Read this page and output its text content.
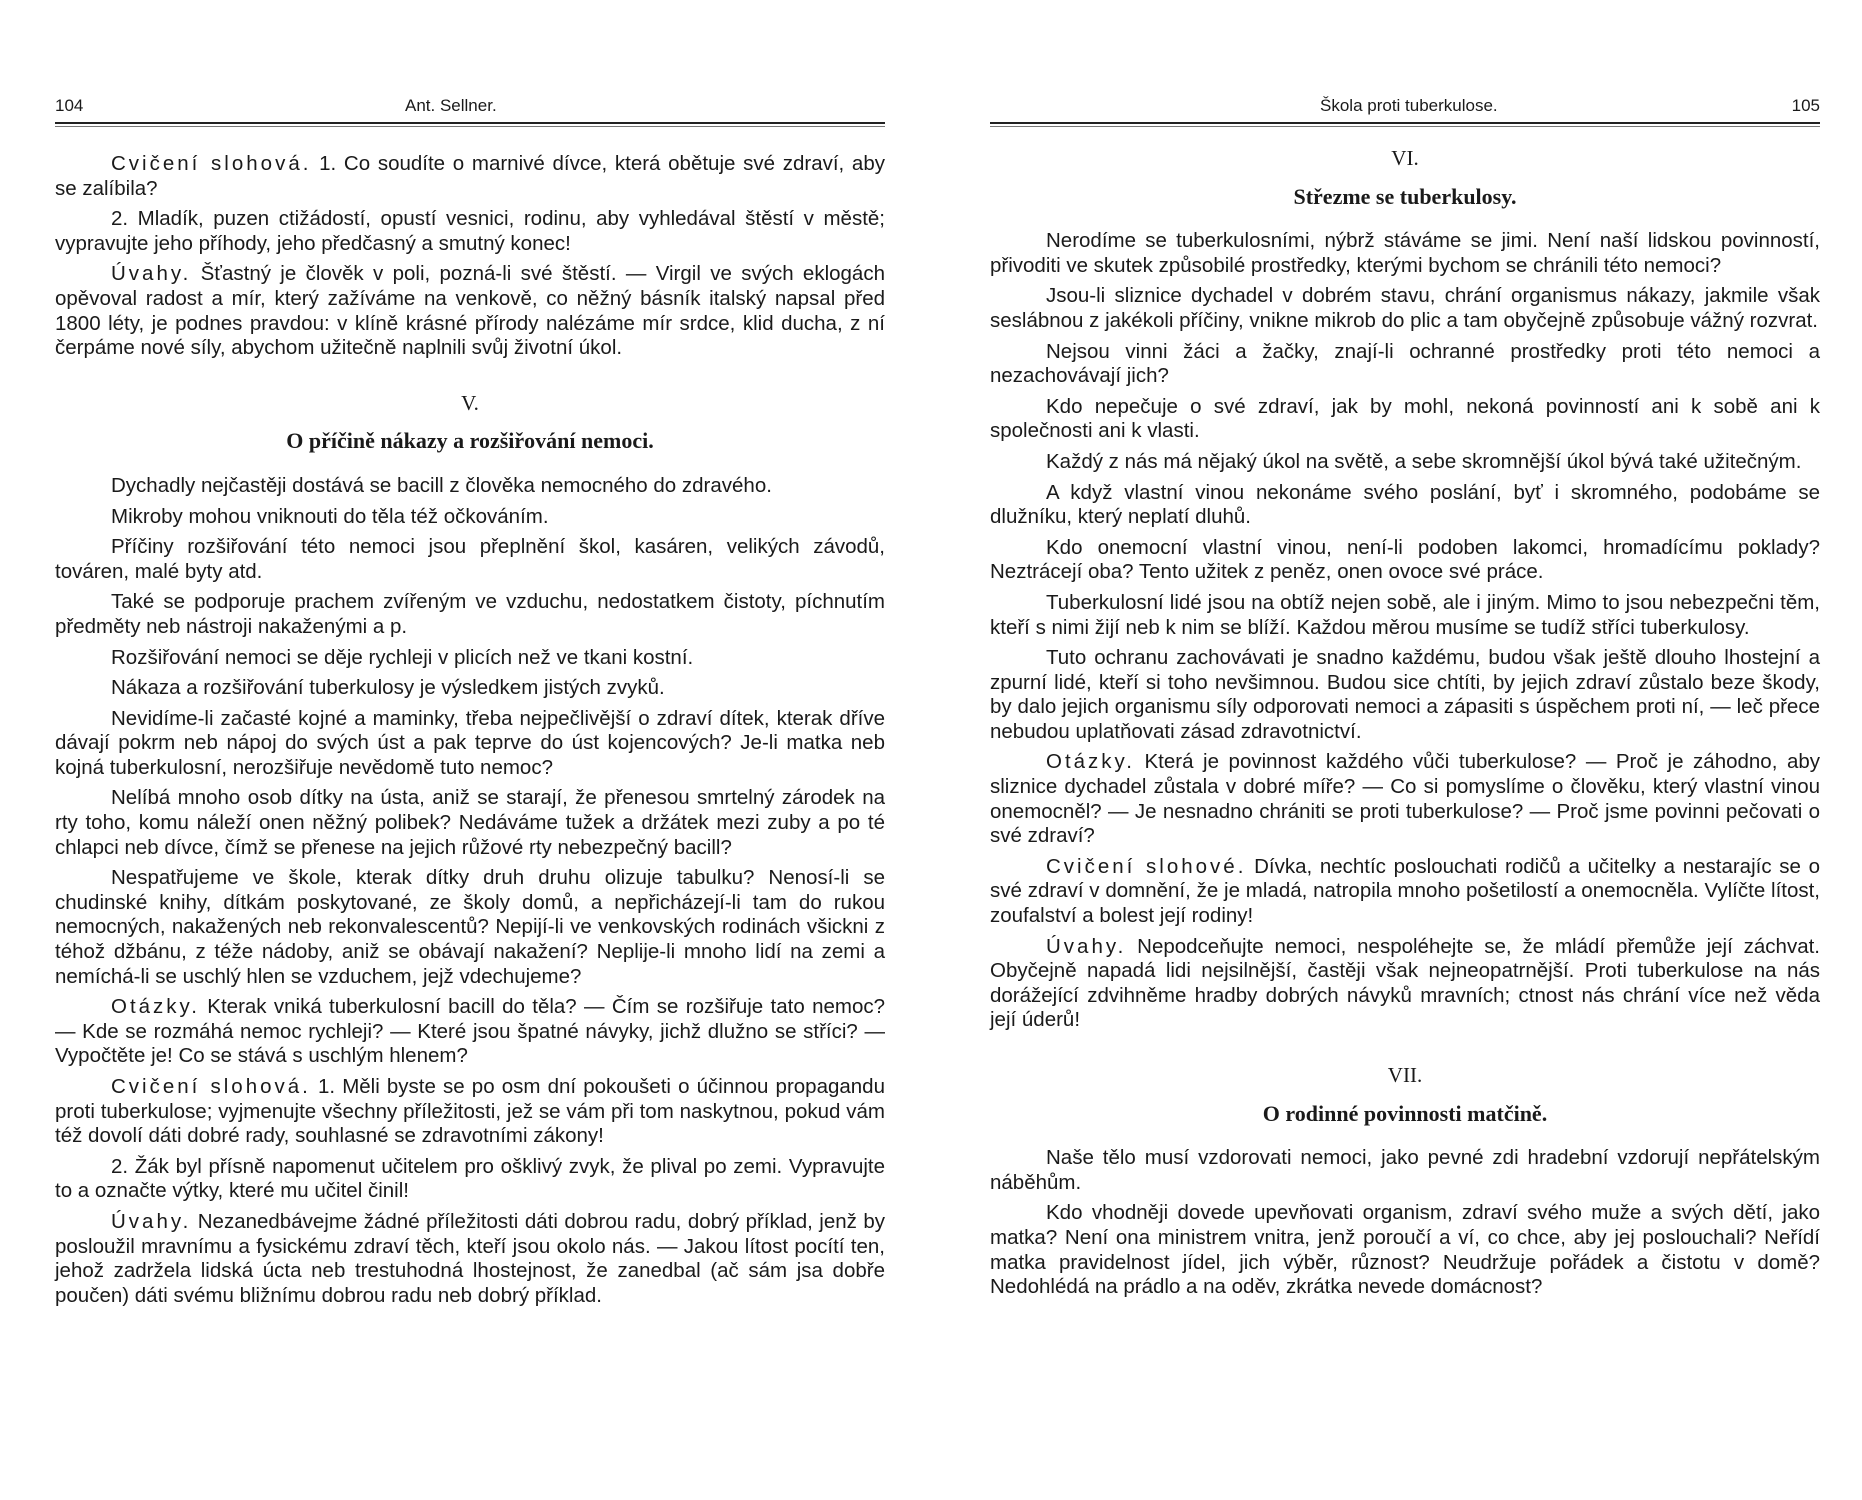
104	Ant. Sellner.

Cvičení slohová. 1. Co soudíte o marnivé dívce, která obětuje své zdraví, aby se zalíbila?

2. Mladík, puzen ctižádostí, opustí vesnici, rodinu, aby vyhledával štěstí v městě; vypravujte jeho příhody, jeho předčasný a smutný konec!

Úvahy. Šťastný je člověk v poli, pozná-li své štěstí. — Virgil ve svých eklogách opěvoval radost a mír, který zažíváme na venkově, co něžný básník italský napsal před 1800 léty, je podnes pravdou: v klíně krásné přírody nalézáme mír srdce, klid ducha, z ní čerpáme nové síly, abychom užitečně naplnili svůj životní úkol.

V.
O příčině nákazy a rozšiřování nemoci.

Dychadly nejčastěji dostává se bacill z člověka nemocného do zdravého.

Mikroby mohou vniknouti do těla též očkováním.

Příčiny rozšiřování této nemoci jsou přeplnění škol, kasáren, velikých závodů, továren, malé byty atd.

Také se podporuje prachem zvířeným ve vzduchu, nedostatkem čistoty, píchnutím předměty neb nástroji nakaženými a p.

Rozšiřování nemoci se děje rychleji v plicích než ve tkani kostní.

Nákaza a rozšiřování tuberkulosy je výsledkem jistých zvyků.

Nevidíme-li začasté kojné a maminky, třeba nejpečlivější o zdraví dítek, kterak dříve dávají pokrm neb nápoj do svých úst a pak teprve do úst kojencových? Je-li matka neb kojná tuberkulosní, nerozšiřuje nevědomě tuto nemoc?

Nelíbá mnoho osob dítky na ústa, aniž se starají, že přenesou smrtelný zárodek na rty toho, komu náleží onen něžný polibek? Nedáváme tužek a držátek mezi zuby a po té chlapci neb dívce, čímž se přenese na jejich růžové rty nebezpečný bacill?

Nespatřujeme ve škole, kterak dítky druh druhu olizuje tabulku? Nenosí-li se chudinské knihy, dítkám poskytované, ze školy domů, a nepřicházejí-li tam do rukou nemocných, nakažených neb rekonvalescentů? Nepijí-li ve venkovských rodinách všickni z téhož džbánu, z téže nádoby, aniž se obávají nakažení? Neplije-li mnoho lidí na zemi a nemíchá-li se uschlý hlen se vzduchem, jejž vdechujeme?

Otázky. Kterak vniká tuberkulosní bacill do těla? — Čím se rozšiřuje tato nemoc? — Kde se rozmáhá nemoc rychleji? — Které jsou špatné návyky, jichž dlužno se stříci? — Vypočtěte je! Co se stává s uschlým hlenem?

Cvičení slohová. 1. Měli byste se po osm dní pokoušeti o účinnou propagandu proti tuberkulose; vyjmenujte všechny příležitosti, jež se vám při tom naskytnou, pokud vám též dovolí dáti dobré rady, souhlasné se zdravotními zákony!

2. Žák byl přísně napomenut učitelem pro ošklivý zvyk, že plival po zemi. Vypravujte to a označte výtky, které mu učitel činil!

Úvahy. Nezanedbávejme žádné příležitosti dáti dobrou radu, dobrý příklad, jenž by posloužil mravnímu a fysickému zdraví těch, kteří jsou okolo nás. — Jakou lítost pocítí ten, jehož zadržela lidská úcta neb trestuhodná lhostejnost, že zanedbal (ač sám jsa dobře poučen) dáti svému bližnímu dobrou radu neb dobrý příklad.

Škola proti tuberkulose.	105
VI.
Střezme se tuberkulosy.

Nerodíme se tuberkulosními, nýbrž stáváme se jimi. Není naší lidskou povinností, přivoditi ve skutek způsobilé prostředky, kterými bychom se chránili této nemoci?

Jsou-li sliznice dychadel v dobrém stavu, chrání organismus nákazy, jakmile však seslábnou z jakékoli příčiny, vnikne mikrob do plic a tam obyčejně způsobuje vážný rozvrat.

Nejsou vinni žáci a žačky, znají-li ochranné prostředky proti této nemoci a nezachovávají jich?

Kdo nepečuje o své zdraví, jak by mohl, nekoná povinností ani k sobě ani k společnosti ani k vlasti.

Každý z nás má nějaký úkol na světě, a sebe skromnější úkol bývá také užitečným.

A když vlastní vinou nekonáme svého poslání, byť i skromného, podobáme se dlužníku, který neplatí dluhů.

Kdo onemocní vlastní vinou, není-li podoben lakomci, hromadícímu poklady? Neztrácejí oba? Tento užitek z peněz, onen ovoce své práce.

Tuberkulosní lidé jsou na obtíž nejen sobě, ale i jiným. Mimo to jsou nebezpečni těm, kteří s nimi žijí neb k nim se blíží. Každou měrou musíme se tudíž stříci tuberkulosy.

Tuto ochranu zachovávati je snadno každému, budou však ještě dlouho lhostejní a zpurní lidé, kteří si toho nevšimnou. Budou sice chtíti, by jejich zdraví zůstalo beze škody, by dalo jejich organismu síly odporovati nemoci a zápasiti s úspěchem proti ní, — leč přece nebudou uplatňovati zásad zdravotnictví.

Otázky. Která je povinnost každého vůči tuberkulose? — Proč je záhodno, aby sliznice dychadel zůstala v dobré míře? — Co si pomyslíme o člověku, který vlastní vinou onemocněl? — Je nesnadno chrániti se proti tuberkulose? — Proč jsme povinni pečovati o své zdraví?

Cvičení slohové. Dívka, nechtíc poslouchati rodičů a učitelky a nestarajíc se o své zdraví v domnění, že je mladá, natropila mnoho pošetilostí a onemocněla. Vylíčte lítost, zoufalství a bolest její rodiny!

Úvahy. Nepodceňujte nemoci, nespoléhejte se, že mládí přemůže její záchvat. Obyčejně napadá lidi nejsilnější, častěji však nejneopatrnější. Proti tuberkulose na nás dorážející zdvihněme hradby dobrých návyků mravních; ctnost nás chrání více než věda její úderů!

VII.
O rodinné povinnosti matčině.

Naše tělo musí vzdorovati nemoci, jako pevné zdi hradební vzdorují nepřátelským náběhům.

Kdo vhodněji dovede upevňovati organism, zdraví svého muže a svých dětí, jako matka? Není ona ministrem vnitra, jenž poroučí a ví, co chce, aby jej poslouchali? Neřídí matka pravidelnost jídel, jich výběr, různost? Neudržuje pořádek a čistotu v domě? Nedohlédá na prádlo a na oděv, zkrátka nevede domácnost?
